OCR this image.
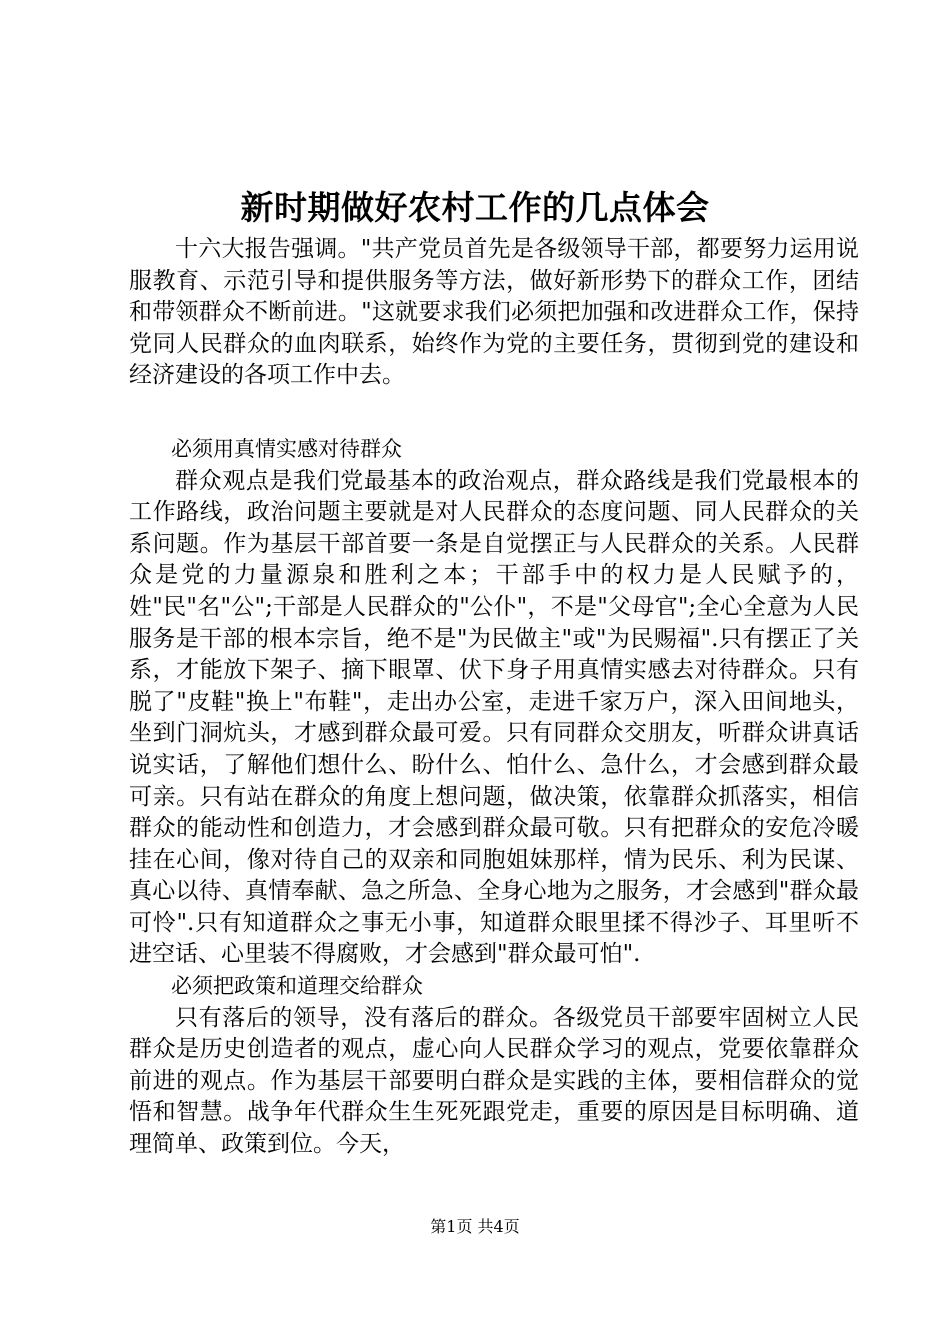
新时期做好农村工作的几点体会

十六大报告强调。"共产党员首先是各级领导干部，都要努力运用说服教育、示范引导和提供服务等方法，做好新形势下的群众工作，团结和带领群众不断前进。"这就要求我们必须把加强和改进群众工作，保持党同人民群众的血肉联系，始终作为党的主要任务，贯彻到党的建设和经济建设的各项工作中去。

必须用真情实感对待群众

群众观点是我们党最基本的政治观点，群众路线是我们党最根本的工作路线，政治问题主要就是对人民群众的态度问题、同人民群众的关系问题。作为基层干部首要一条是自觉摆正与人民群众的关系。人民群众是党的力量源泉和胜利之本；干部手中的权力是人民赋予的，姓"民"名"公";干部是人民群众的"公仆"，不是"父母官";全心全意为人民服务是干部的根本宗旨，绝不是"为民做主"或"为民赐福".只有摆正了关系，才能放下架子、摘下眼罩、伏下身子用真情实感去对待群众。只有脱了"皮鞋"换上"布鞋"，走出办公室，走进千家万户，深入田间地头，坐到门洞炕头，才感到群众最可爱。只有同群众交朋友，听群众讲真话说实话，了解他们想什么、盼什么、怕什么、急什么，才会感到群众最可亲。只有站在群众的角度上想问题，做决策，依靠群众抓落实，相信群众的能动性和创造力，才会感到群众最可敬。只有把群众的安危冷暖挂在心间，像对待自己的双亲和同胞姐妹那样，情为民乐、利为民谋、真心以待、真情奉献、急之所急、全身心地为之服务，才会感到"群众最可怜".只有知道群众之事无小事，知道群众眼里揉不得沙子、耳里听不进空话、心里装不得腐败，才会感到"群众最可怕".

必须把政策和道理交给群众

只有落后的领导，没有落后的群众。各级党员干部要牢固树立人民群众是历史创造者的观点，虚心向人民群众学习的观点，党要依靠群众前进的观点。作为基层干部要明白群众是实践的主体，要相信群众的觉悟和智慧。战争年代群众生生死死跟党走，重要的原因是目标明确、道理简单、政策到位。今天，

第1页 共4页
